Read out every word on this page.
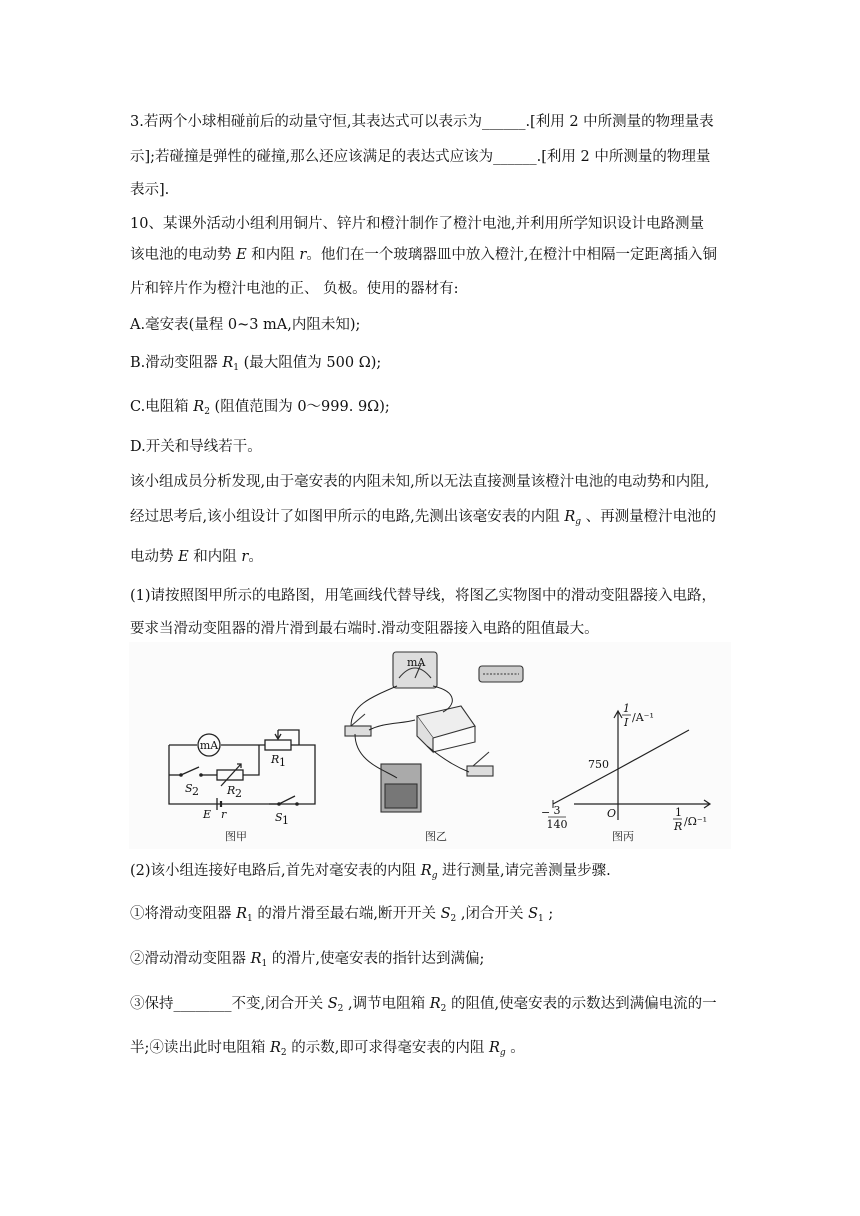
3.若两个小球相碰前后的动量守恒,其表达式可以表示为______.[利用 2 中所测量的物理量表
示];若碰撞是弹性的碰撞,那么还应该满足的表达式应该为______.[利用 2 中所测量的物理量
表示].
10、某课外活动小组利用铜片、锌片和橙汁制作了橙汁电池,并利用所学知识设计电路测量
该电池的电动势 E 和内阻 r。他们在一个玻璃器皿中放入橙汁,在橙汁中相隔一定距离插入铜
片和锌片作为橙汁电池的正、 负极。使用的器材有:
A.毫安表(量程 0~3 mA,内阻未知);
B.滑动变阻器 $R_1$ (最大阻值为 500 Ω);
C.电阻箱 $R_2$ (阻值范围为 0～999. 9Ω);
D.开关和导线若干。
该小组成员分析发现,由于毫安表的内阻未知,所以无法直接测量该橙汁电池的电动势和内阻,
经过思考后,该小组设计了如图甲所示的电路,先测出该毫安表的内阻 $R_g$ 、再测量橙汁电池的
电动势 E 和内阻 r。
(1)请按照图甲所示的电路图，用笔画线代替导线，将图乙实物图中的滑动变阻器接入电路，
要求当滑动变阻器的滑片滑到最右端时.滑动变阻器接入电路的阻值最大。
mA
R 1
R 2
S 2
S 1
E r
图甲
mA
图乙
1
I /A⁻¹
750
O
− 3
140
1
R /Ω⁻¹
图丙
(2)该小组连接好电路后,首先对毫安表的内阻 $R_g$ 进行测量,请完善测量步骤.
①将滑动变阻器 $R_1$ 的滑片滑至最右端,断开开关 $S_2$ ,闭合开关 $S_1$ ;
②滑动滑动变阻器 $R_1$ 的滑片,使毫安表的指针达到满偏;
③保持________不变,闭合开关 $S_2$ ,调节电阻箱 $R_2$ 的阻值,使毫安表的示数达到满偏电流的一
半;④读出此时电阻箱 $R_2$ 的示数,即可求得毫安表的内阻 $R_g$ 。
